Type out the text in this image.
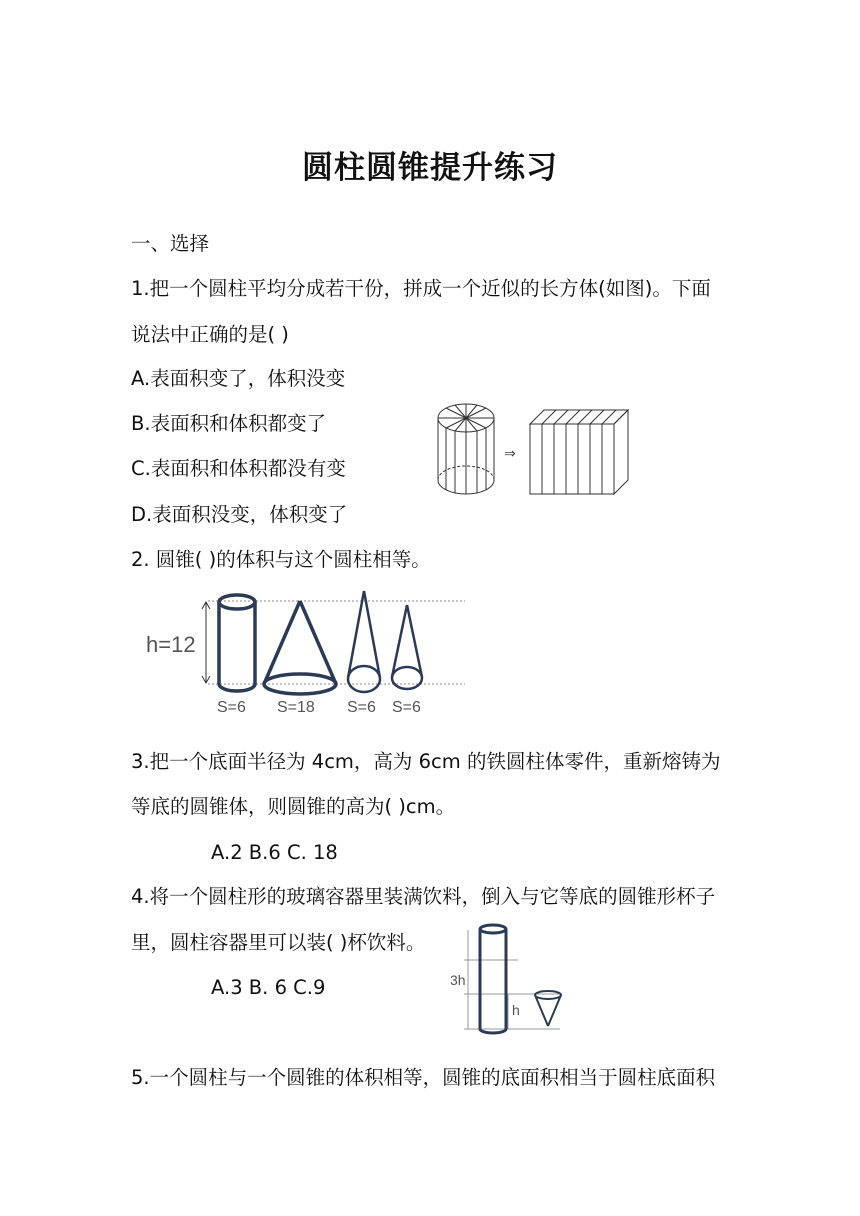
圆柱圆锥提升练习
一、选择
1.把一个圆柱平均分成若干份，拼成一个近似的长方体(如图)。下面
说法中正确的是( )
A.表面积变了，体积没变
B.表面积和体积都变了
C.表面积和体积都没有变
D.表面积没变，体积变了
⇒
2. 圆锥( )的体积与这个圆柱相等。
h=12
S=6 S=18 S=6 S=6
3.把一个底面半径为 4cm，高为 6cm 的铁圆柱体零件，重新熔铸为
等底的圆锥体，则圆锥的高为( )cm。
A.2 B.6 C. 18
4.将一个圆柱形的玻璃容器里装满饮料，倒入与它等底的圆锥形杯子
里，圆柱容器里可以装( )杯饮料。
A.3 B. 6 C.9	3h
h
5.一个圆柱与一个圆锥的体积相等，圆锥的底面积相当于圆柱底面积
